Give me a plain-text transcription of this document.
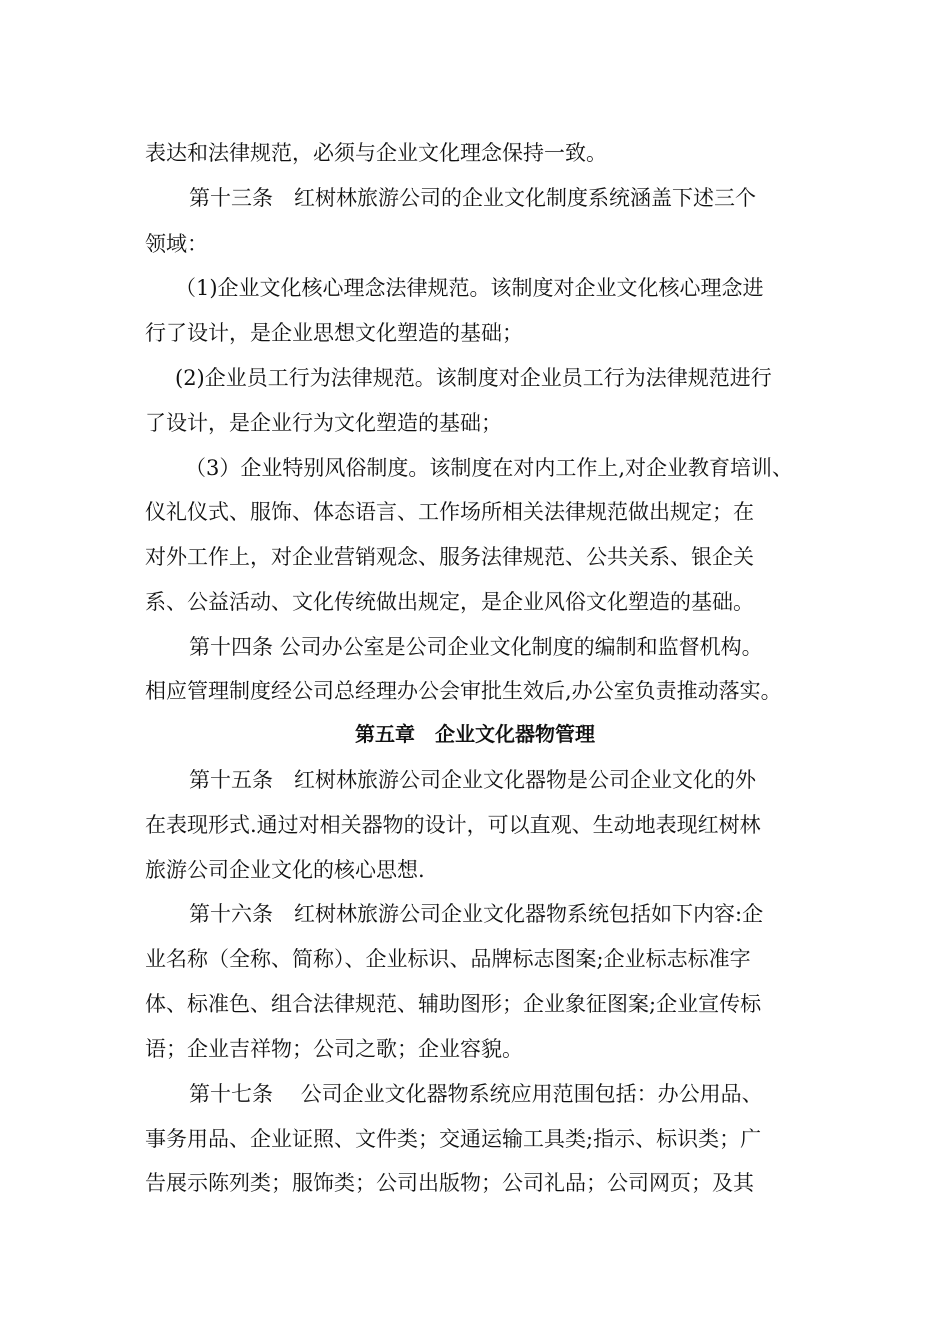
表达和法律规范，必须与企业文化理念保持一致。
第十三条　红树林旅游公司的企业文化制度系统涵盖下述三个
领域：
（1)企业文化核心理念法律规范。该制度对企业文化核心理念进
行了设计，是企业思想文化塑造的基础；
(2)企业员工行为法律规范。该制度对企业员工行为法律规范进行
了设计，是企业行为文化塑造的基础；
（3）企业特别风俗制度。该制度在对内工作上,对企业教育培训、
仪礼仪式、服饰、体态语言、工作场所相关法律规范做出规定；在
对外工作上，对企业营销观念、服务法律规范、公共关系、银企关
系、公益活动、文化传统做出规定，是企业风俗文化塑造的基础。
第十四条 公司办公室是公司企业文化制度的编制和监督机构。
相应管理制度经公司总经理办公会审批生效后,办公室负责推动落实。
第五章　企业文化器物管理
第十五条　红树林旅游公司企业文化器物是公司企业文化的外
在表现形式.通过对相关器物的设计，可以直观、生动地表现红树林
旅游公司企业文化的核心思想.
第十六条　红树林旅游公司企业文化器物系统包括如下内容:企
业名称（全称、简称）、企业标识、品牌标志图案;企业标志标准字
体、标准色、组合法律规范、辅助图形；企业象征图案;企业宣传标
语；企业吉祥物；公司之歌；企业容貌。
第十七条　 公司企业文化器物系统应用范围包括：办公用品、
事务用品、企业证照、文件类；交通运输工具类;指示、标识类；广
告展示陈列类；服饰类；公司出版物；公司礼品；公司网页；及其
